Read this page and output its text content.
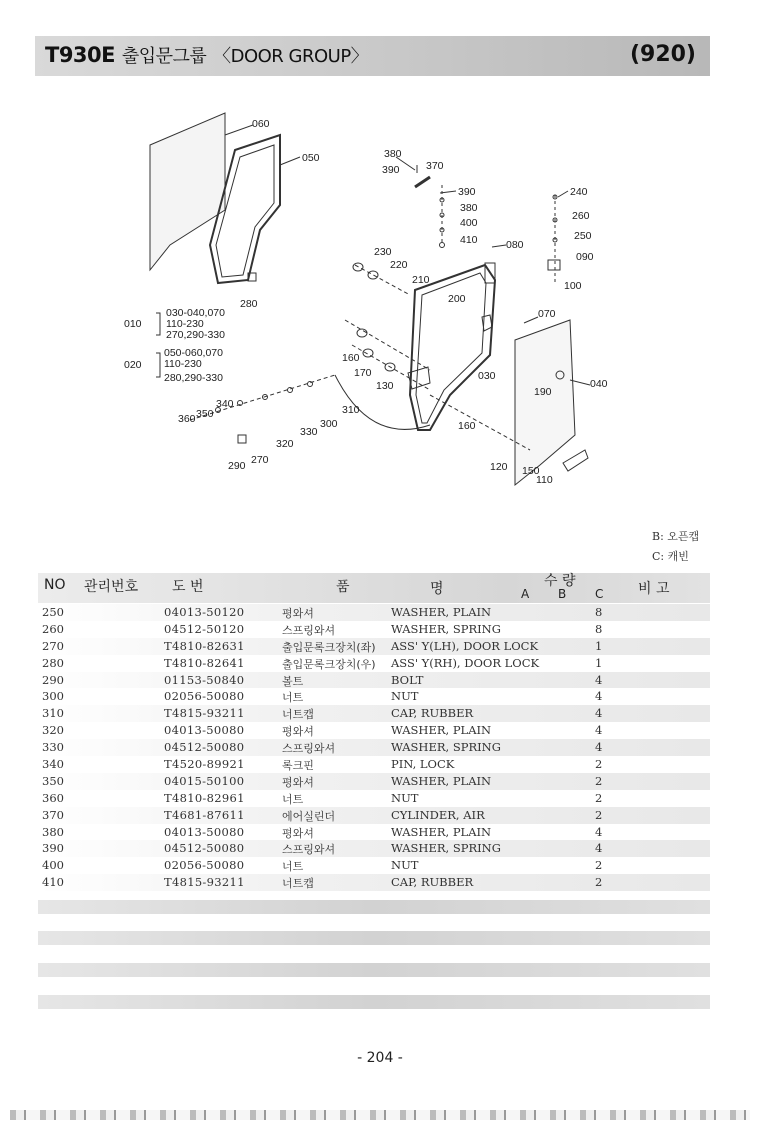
T930E 출입문그룹 〈DOOR GROUP〉	(920)
060
050
280
010
030-040,070
110-230
270,290-330
020
050-060,070
110-230
280,290-330
380
390	370
390
380
400
410	080
230
220
210
200
240
260
250
090
100
070
160
170
130
030
190
040
340
350
360
310
300
330
320
270
290
160
120 150
110
B: 오픈캡
C: 캐빈
NO 관리번호 도 번	품	명	수 량
A B C 비 고
250	04013-50120	평와셔	WASHER, PLAIN	8
260	04512-50120	스프링와셔	WASHER, SPRING	8
270	T4810-82631	출입문록크장치(좌) ASS' Y(LH), DOOR LOCK	1
280	T4810-82641	출입문록크장치(우) ASS' Y(RH), DOOR LOCK	1
290	01153-50840	볼트	BOLT	4
300	02056-50080	너트	NUT	4
310	T4815-93211	너트캡	CAP, RUBBER	4
320	04013-50080	평와셔	WASHER, PLAIN	4
330	04512-50080	스프링와셔	WASHER, SPRING	4
340	T4520-89921	록크핀	PIN, LOCK	2
350	04015-50100	평와셔	WASHER, PLAIN	2
360	T4810-82961	너트	NUT	2
370	T4681-87611	에어실린더	CYLINDER, AIR	2
380	04013-50080	평와셔	WASHER, PLAIN	4
390	04512-50080	스프링와셔	WASHER, SPRING	4
400	02056-50080	너트	NUT	2
410	T4815-93211	너트캡	CAP, RUBBER	2
- 204 -
